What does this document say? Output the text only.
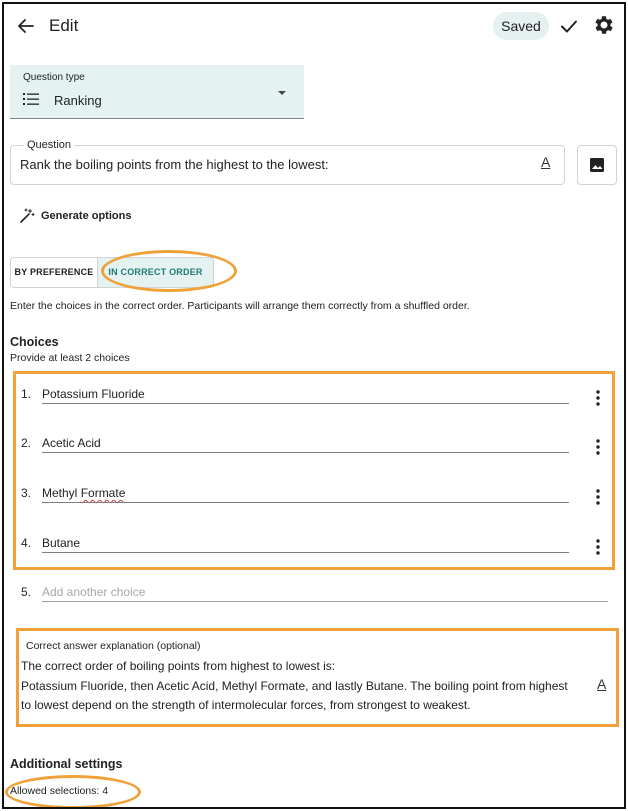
Edit	Saved
Question type
Ranking
Question
Rank the boiling points from the highest to the lowest:	A
Generate options
BY PREFERENCE	IN CORRECT ORDER
Enter the choices in the correct order. Participants will arrange them correctly from a shuffled order.
Choices
Provide at least 2 choices
1. Potassium Fluoride
2. Acetic Acid
3. Methyl Formate
4. Butane
5. Add another choice
Correct answer explanation (optional)
The correct order of boiling points from highest to lowest is:
Potassium Fluoride, then Acetic Acid, Methyl Formate, and lastly Butane. The boiling point from highest to lowest depend on the strength of intermolecular forces, from strongest to weakest.
A
Additional settings
Allowed selections: 4
